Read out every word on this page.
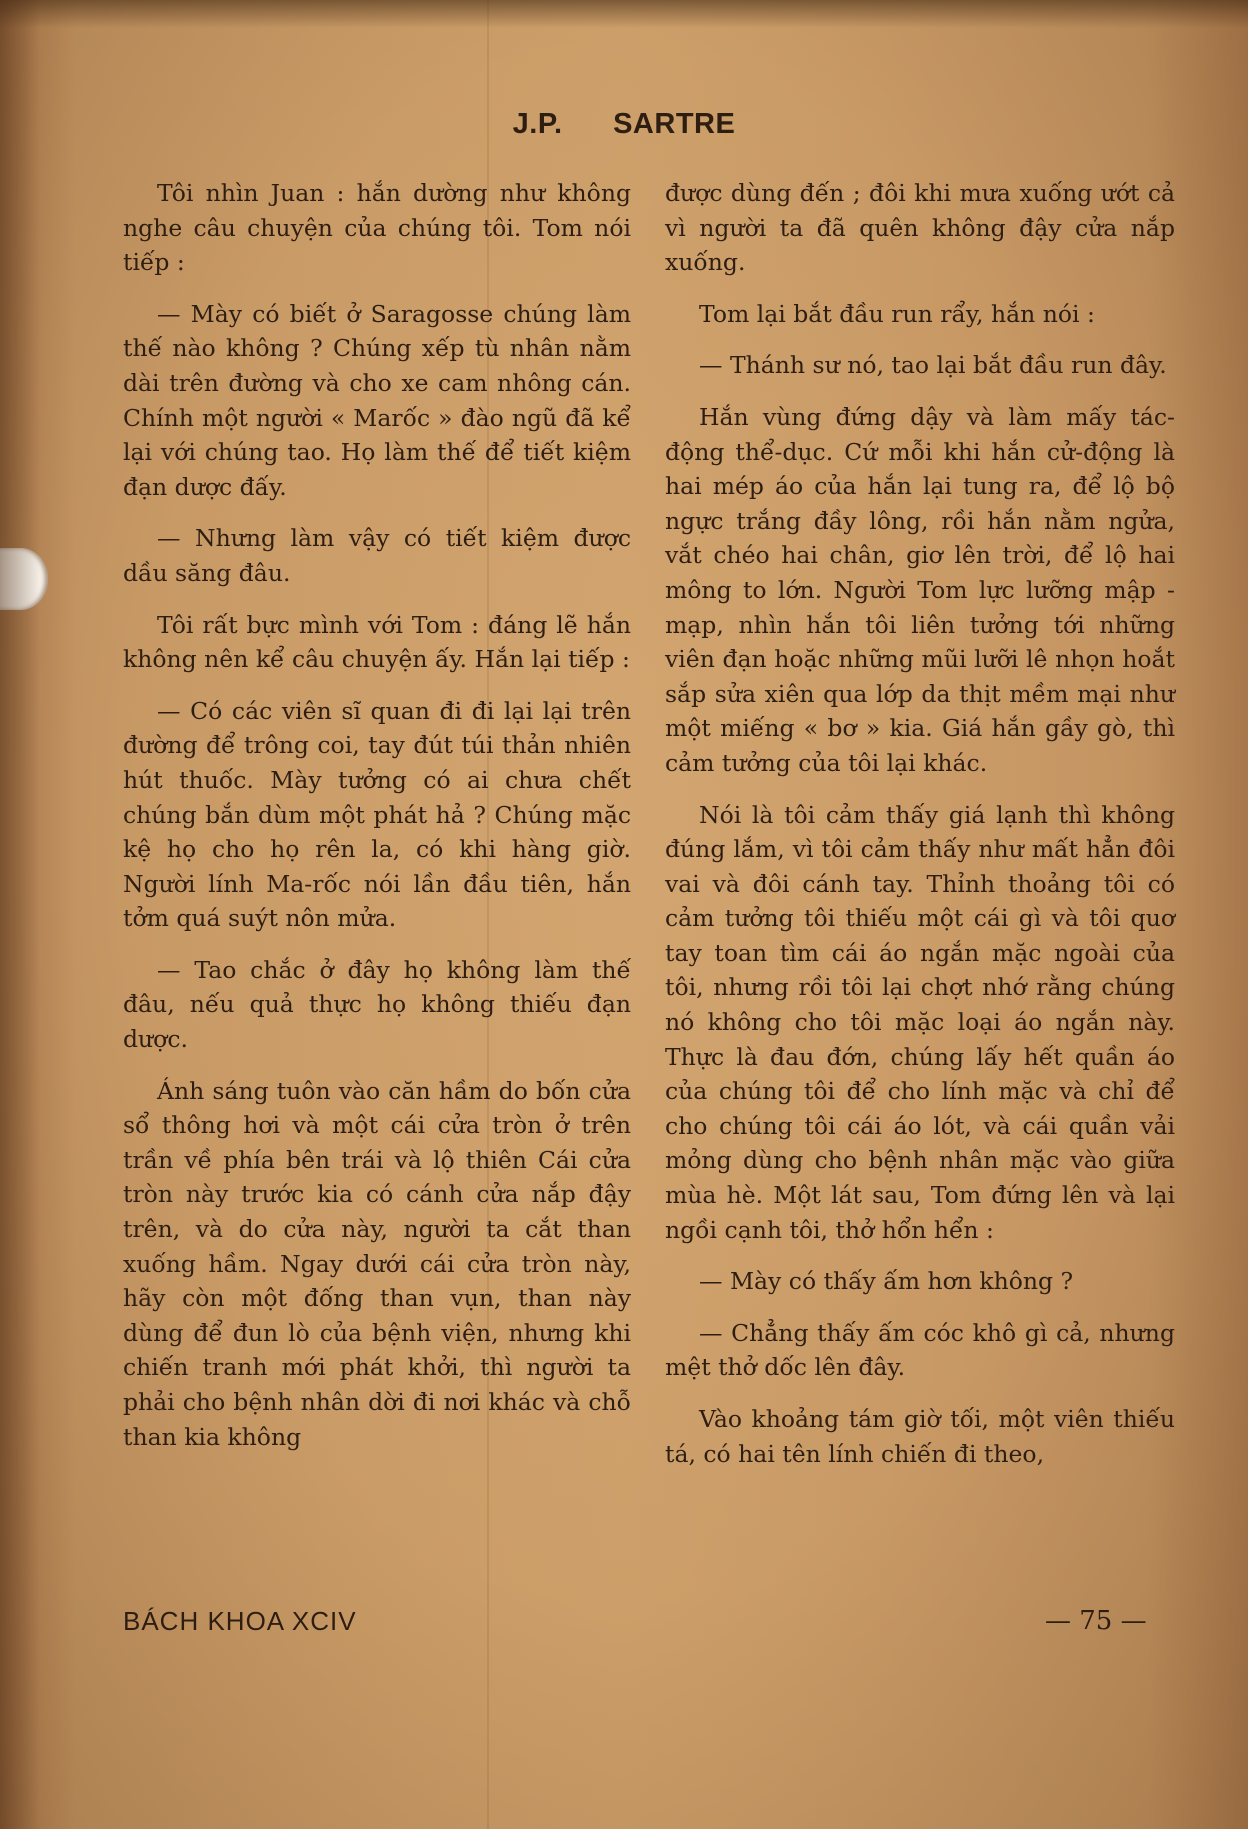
J.P. SARTRE

Tôi nhìn Juan : hắn dường như không nghe câu chuyện của chúng tôi. Tom nói tiếp :

— Mày có biết ở Saragosse chúng làm thế nào không ? Chúng xếp tù nhân nằm dài trên đường và cho xe cam nhông cán. Chính một người « Marốc » đào ngũ đã kể lại với chúng tao. Họ làm thế để tiết kiệm đạn dược đấy.

— Nhưng làm vậy có tiết kiệm được dầu săng đâu.

Tôi rất bực mình với Tom : đáng lẽ hắn không nên kể câu chuyện ấy. Hắn lại tiếp :

— Có các viên sĩ quan đi đi lại lại trên đường để trông coi, tay đút túi thản nhiên hút thuốc. Mày tưởng có ai chưa chết chúng bắn dùm một phát hả ? Chúng mặc kệ họ cho họ rên la, có khi hàng giờ. Người lính Ma-rốc nói lần đầu tiên, hắn tởm quá suýt nôn mửa.

— Tao chắc ở đây họ không làm thế đâu, nếu quả thực họ không thiếu đạn dược.

Ánh sáng tuôn vào căn hầm do bốn cửa sổ thông hơi và một cái cửa tròn ở trên trần về phía bên trái và lộ thiên Cái cửa tròn này trước kia có cánh cửa nắp đậy trên, và do cửa này, người ta cắt than xuống hầm. Ngay dưới cái cửa tròn này, hãy còn một đống than vụn, than này dùng để đun lò của bệnh viện, nhưng khi chiến tranh mới phát khởi, thì người ta phải cho bệnh nhân dời đi nơi khác và chỗ than kia không

được dùng đến ; đôi khi mưa xuống ướt cả vì người ta đã quên không đậy cửa nắp xuống.

Tom lại bắt đầu run rẩy, hắn nói :

— Thánh sư nó, tao lại bắt đầu run đây.

Hắn vùng đứng dậy và làm mấy tác-động thể-dục. Cứ mỗi khi hắn cử-động là hai mép áo của hắn lại tung ra, để lộ bộ ngực trắng đầy lông, rồi hắn nằm ngửa, vắt chéo hai chân, giơ lên trời, để lộ hai mông to lớn. Người Tom lực lưỡng mập - mạp, nhìn hắn tôi liên tưởng tới những viên đạn hoặc những mũi lưỡi lê nhọn hoắt sắp sửa xiên qua lớp da thịt mềm mại như một miếng « bơ » kia. Giá hắn gầy gò, thì cảm tưởng của tôi lại khác.

Nói là tôi cảm thấy giá lạnh thì không đúng lắm, vì tôi cảm thấy như mất hẳn đôi vai và đôi cánh tay. Thỉnh thoảng tôi có cảm tưởng tôi thiếu một cái gì và tôi quơ tay toan tìm cái áo ngắn mặc ngoài của tôi, nhưng rồi tôi lại chợt nhớ rằng chúng nó không cho tôi mặc loại áo ngắn này. Thực là đau đớn, chúng lấy hết quần áo của chúng tôi để cho lính mặc và chỉ để cho chúng tôi cái áo lót, và cái quần vải mỏng dùng cho bệnh nhân mặc vào giữa mùa hè. Một lát sau, Tom đứng lên và lại ngồi cạnh tôi, thở hổn hển :

— Mày có thấy ấm hơn không ?

— Chẳng thấy ấm cóc khô gì cả, nhưng mệt thở dốc lên đây.

Vào khoảng tám giờ tối, một viên thiếu tá, có hai tên lính chiến đi theo,

BÁCH KHOA XCIV	— 75 —
